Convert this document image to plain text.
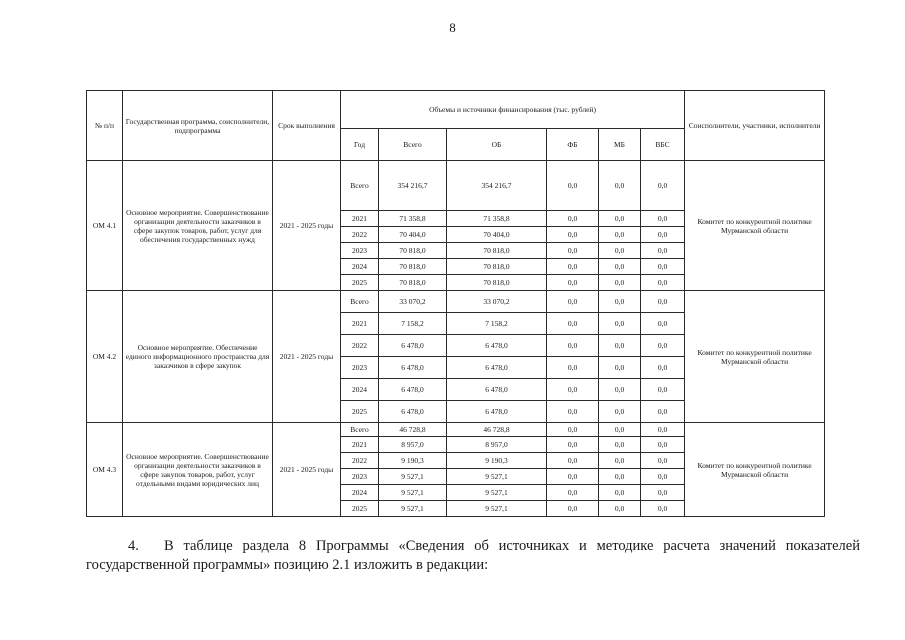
8
№ п/п	Государственная программа, соисполнители, подпрограмма	Срок выполнения	Объемы и источники финансирования (тыс. рублей)						Соисполнители, участники, исполнители
			Год	Всего	ОБ	ФБ	МБ	ВБС	
ОМ 4.1	Основное мероприятие. Совершенствование организации деятельности заказчиков в сфере закупок товаров, работ, услуг для обеспечения государственных нужд	2021 - 2025 годы	Всего	354 216,7	354 216,7	0,0	0,0	0,0	Комитет по конкурентной политике Мурманской области
			2021	71 358,8	71 358,8	0,0	0,0	0,0	
			2022	70 404,0	70 404,0	0,0	0,0	0,0	
			2023	70 818,0	70 818,0	0,0	0,0	0,0	
			2024	70 818,0	70 818,0	0,0	0,0	0,0	
			2025	70 818,0	70 818,0	0,0	0,0	0,0	
ОМ 4.2	Основное мероприятие. Обеспечение единого информационного пространства для заказчиков в сфере закупок	2021 - 2025 годы	Всего	33 070,2	33 070,2	0,0	0,0	0,0	Комитет по конкурентной политике Мурманской области
			2021	7 158,2	7 158,2	0,0	0,0	0,0	
			2022	6 478,0	6 478,0	0,0	0,0	0,0	
			2023	6 478,0	6 478,0	0,0	0,0	0,0	
			2024	6 478,0	6 478,0	0,0	0,0	0,0	
			2025	6 478,0	6 478,0	0,0	0,0	0,0	
ОМ 4.3	Основное мероприятие. Совершенствование организации деятельности заказчиков в сфере закупок товаров, работ, услуг отдельными видами юридических лиц	2021 - 2025 годы	Всего	46 728,8	46 728,8	0,0	0,0	0,0	Комитет по конкурентной политике Мурманской области
			2021	8 957,0	8 957,0	0,0	0,0	0,0	
			2022	9 190,3	9 190,3	0,0	0,0	0,0	
			2023	9 527,1	9 527,1	0,0	0,0	0,0	
			2024	9 527,1	9 527,1	0,0	0,0	0,0	
			2025	9 527,1	9 527,1	0,0	0,0	0,0	
4. В таблице раздела 8 Программы «Сведения об источниках и методике расчета значений показателей государственной программы» позицию 2.1 изложить в редакции:
